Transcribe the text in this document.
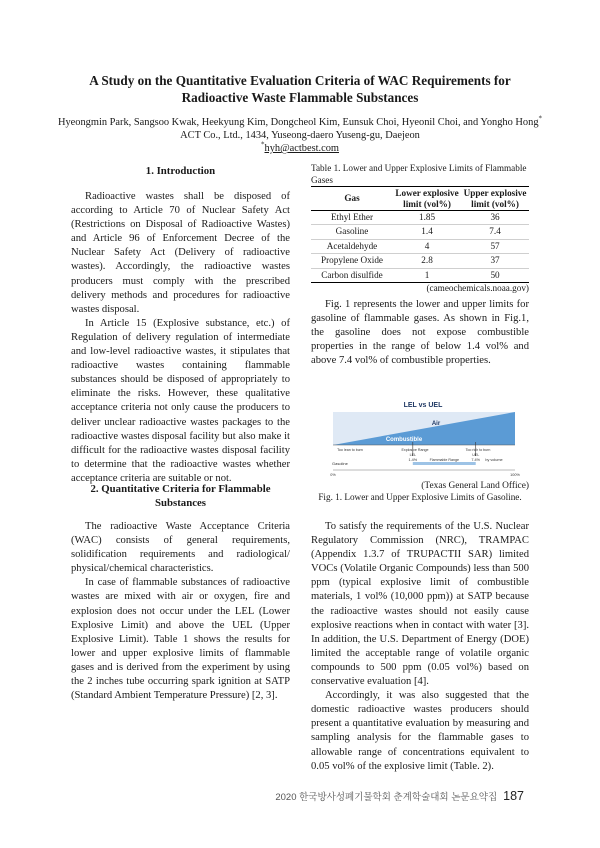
A Study on the Quantitative Evaluation Criteria of WAC Requirements for
Radioactive Waste Flammable Substances
Hyeongmin Park, Sangsoo Kwak, Heekyung Kim, Dongcheol Kim, Eunsuk Choi, Hyeonil Choi, and Yongho Hong*
ACT Co., Ltd., 1434, Yuseong-daero Yuseng-gu, Daejeon
*hyh@actbest.com
1. Introduction

Radioactive wastes shall be disposed of according to Article 70 of Nuclear Safety Act (Restrictions on Disposal of Radioactive Wastes) and Article 96 of Enforcement Decree of the Nuclear Safety Act (Delivery of radioactive wastes). Accordingly, the radioactive wastes producers must comply with the prescribed delivery methods and procedures for radioactive wastes disposal.

In Article 15 (Explosive substance, etc.) of Regulation of delivery regulation of intermediate and low-level radioactive wastes, it stipulates that radioactive wastes containing flammable substances should be disposed of appropriately to eliminate the risks. However, these qualitative acceptance criteria not only cause the producers to deliver unclear radioactive wastes packages to the radioactive wastes disposal facility but also make it difficult for the radioactive wastes disposal facility to determine that the radioactive wastes whether acceptance criteria are suitable or not.

2. Quantitative Criteria for Flammable
Substances

The radioactive Waste Acceptance Criteria (WAC) consists of general requirements, solidification requirements and radiological/ physical/chemical characteristics.

In case of flammable substances of radioactive wastes are mixed with air or oxygen, fire and explosion does not occur under the LEL (Lower Explosive Limit) and above the UEL (Upper Explosive Limit). Table 1 shows the results for lower and upper explosive limits of flammable gases and is derived from the experiment by using the 2 inches tube occurring spark ignition at SATP (Standard Ambient Temperature Pressure) [2, 3].

Table 1. Lower and Upper Explosive Limits of Flammable Gases
Gas	Lower explosive limit (vol%)	Upper explosive limit (vol%)
Ethyl Ether	1.85	36
Gasoline	1.4	7.4
Acetaldehyde	4	57
Propylene Oxide	2.8	37
Carbon disulfide	1	50
(cameochemicals.noaa.gov)

Fig. 1 represents the lower and upper limits for gasoline of flammable gases. As shown in Fig.1, the gasoline does not expose combustible properties in the range of below 1.4 vol% and above 7.4 vol% of combustible properties.

LEL vs UEL
Air
Combustible
Too lean to burn	Explosive Range	Too rich to burn
LEL	UEL
Gasoline
1.4%	Flammable Range	7.4% by volume
0%	100%
(Texas General Land Office)
Fig. 1. Lower and Upper Explosive Limits of Gasoline.

To satisfy the requirements of the U.S. Nuclear Regulatory Commission (NRC), TRAMPAC (Appendix 1.3.7 of TRUPACTII SAR) limited VOCs (Volatile Organic Compounds) less than 500 ppm (typical explosive limit of combustible materials, 1 vol% (10,000 ppm)) at SATP because the radioactive wastes should not easily cause explosive reactions when in contact with water [3]. In addition, the U.S. Department of Energy (DOE) limited the acceptable range of volatile organic compounds to 500 ppm (0.05 vol%) based on conservative evaluation [4].

Accordingly, it was also suggested that the domestic radioactive wastes producers should present a quantitative evaluation by measuring and sampling analysis for the flammable gases to allowable range of concentrations equivalent to 0.05 vol% of the explosive limit (Table. 2).

2020 한국방사성폐기물학회 춘계학술대회 논문요약집 187
